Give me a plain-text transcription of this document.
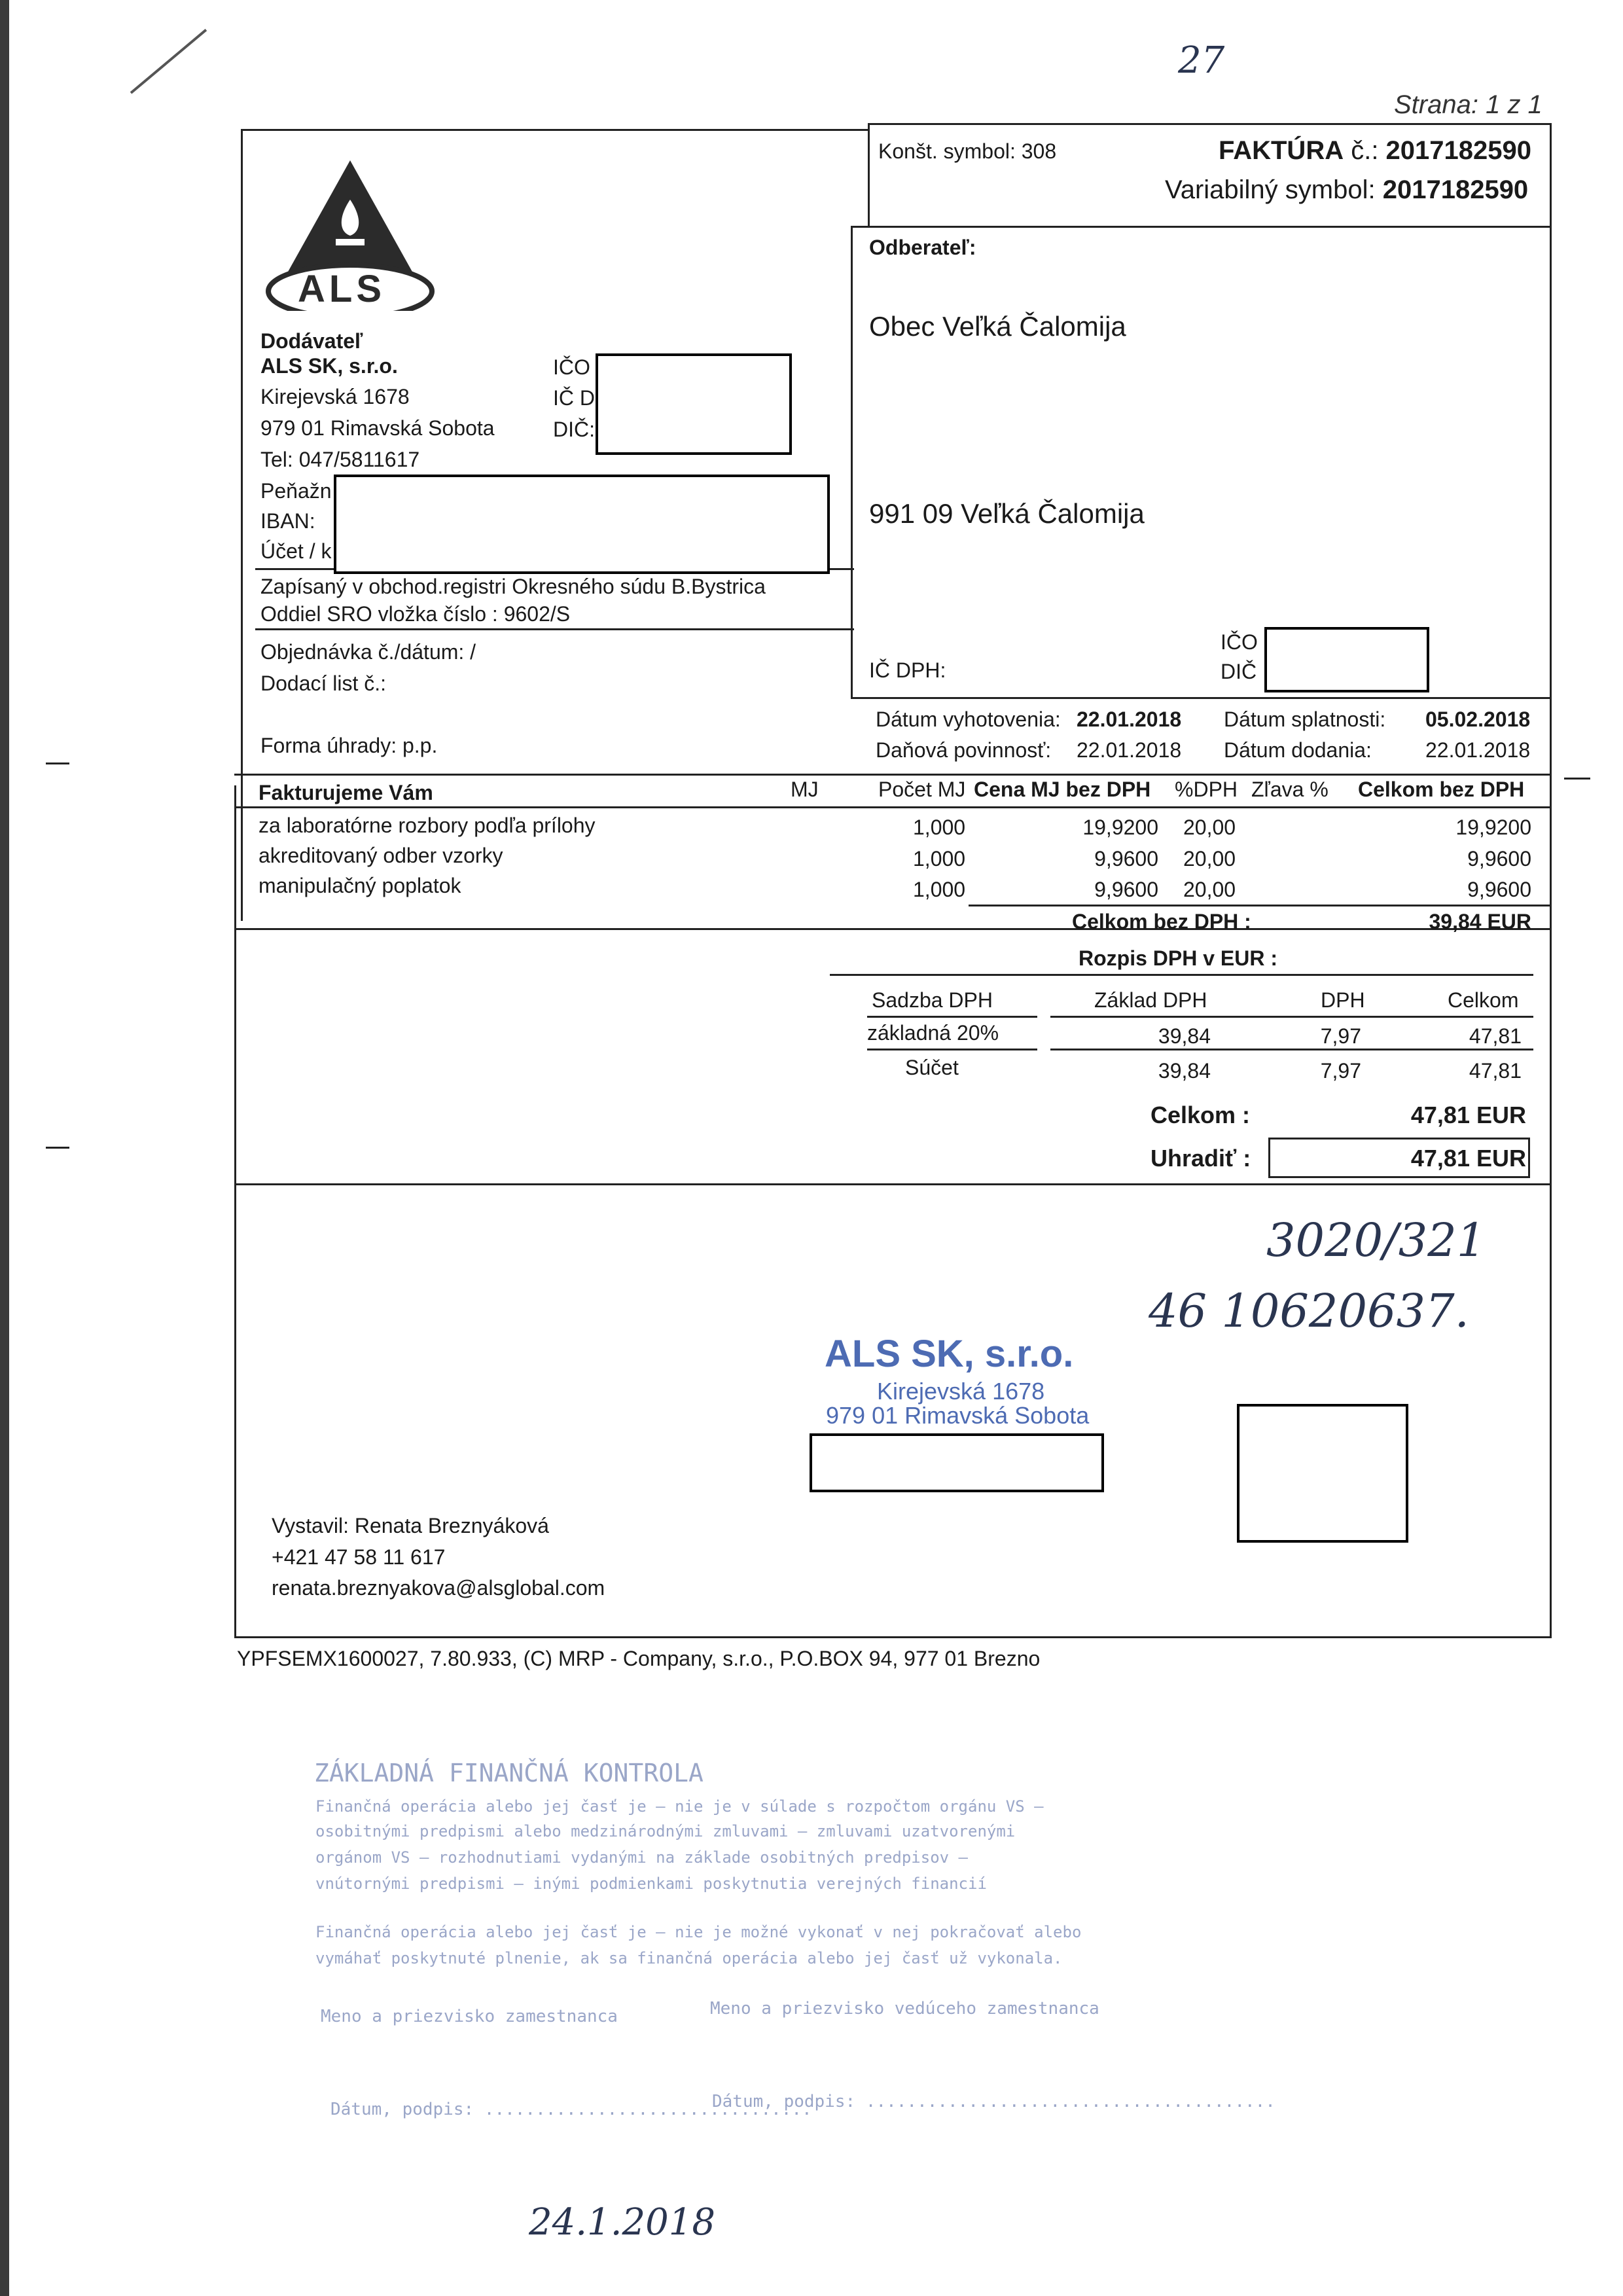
27
Strana: 1 z 1
ALS
Dodávateľ
ALS SK, s.r.o.
Kirejevská 1678
979 01 Rimavská Sobota
Tel: 047/5811617
Peňažn
IBAN:
Účet / k
IČO
IČ D
DIČ:
Zapísaný v obchod.registri Okresného súdu B.Bystrica
Oddiel SRO vložka číslo : 9602/S
Objednávka č./dátum: /
Dodací list č.:
Forma úhrady: p.p.
Konšt. symbol: 308	FAKTÚRA č.: 2017182590
Variabilný symbol: 2017182590
Odberateľ:
Obec Veľká Čalomija
991 09 Veľká Čalomija
IČ DPH:
IČO
DIČ
Dátum vyhotovenia: 22.01.2018 Dátum splatnosti: 05.02.2018
Daňová povinnosť: 22.01.2018 Dátum dodania:	22.01.2018
Fakturujeme Vám	MJ	Počet MJ Cena MJ bez DPH %DPH Zľava % Celkom bez DPH
za laboratórne rozbory podľa prílohy	1,000	19,9200 20,00	19,9200
akreditovaný odber vzorky	1,000	9,9600 20,00	9,9600
manipulačný poplatok	1,000	9,9600 20,00	9,9600
Celkom bez DPH :	39,84 EUR
Rozpis DPH v EUR :
Sadzba DPH	Základ DPH	DPH	Celkom
základná 20%	39,84	7,97	47,81
Súčet	39,84	7,97	47,81
Celkom :	47,81 EUR
Uhradiť :	47,81 EUR
3020/321
46 10620637.
ALS SK, s.r.o.
Kirejevská 1678
979 01 Rimavská Sobota
Vystavil: Renata Breznyáková
+421 47 58 11 617
renata.breznyakova@alsglobal.com
YPFSEMX1600027, 7.80.933, (C) MRP - Company, s.r.o., P.O.BOX 94, 977 01 Brezno
ZÁKLADNÁ FINANČNÁ KONTROLA
Finančná operácia alebo jej časť je – nie je v súlade s rozpočtom orgánu VS –
osobitnými predpismi alebo medzinárodnými zmluvami – zmluvami uzatvorenými
orgánom VS – rozhodnutiami vydanými na základe osobitných predpisov –
vnútornými predpismi – inými podmienkami poskytnutia verejných financií
Finančná operácia alebo jej časť je – nie je možné vykonať v nej pokračovať alebo
vymáhať poskytnuté plnenie, ak sa finančná operácia alebo jej časť už vykonala.
Meno a priezvisko zamestnanca	Meno a priezvisko vedúceho zamestnanca
Dátum, podpis: ................................
Dátum, podpis: ........................................
24.1.2018
